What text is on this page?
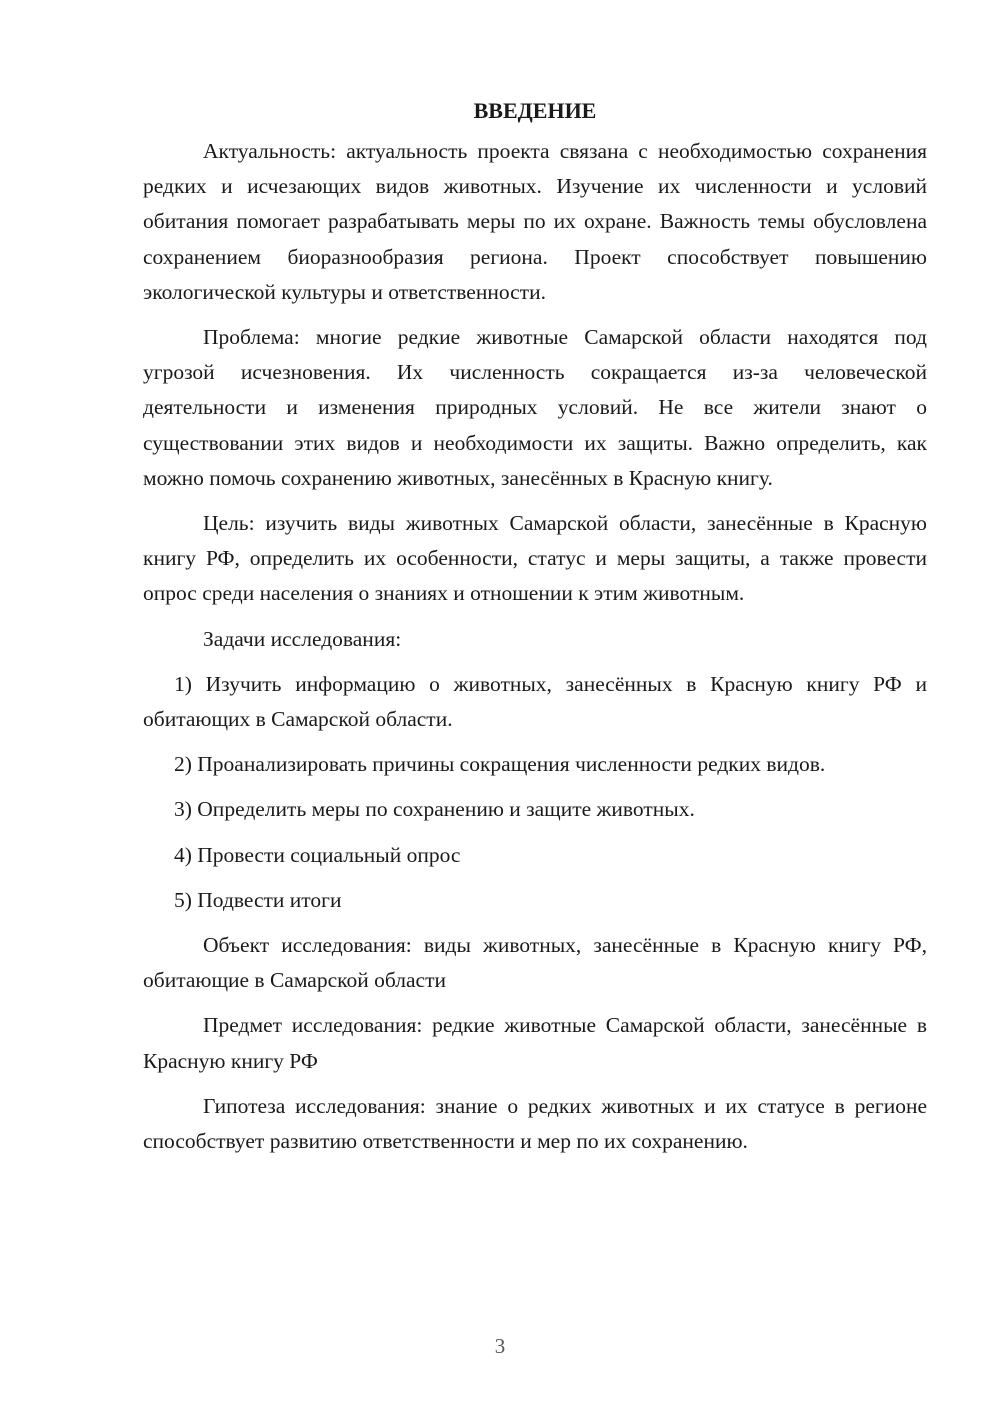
ВВЕДЕНИЕ

Актуальность: актуальность проекта связана с необходимостью сохранения редких и исчезающих видов животных. Изучение их численности и условий обитания помогает разрабатывать меры по их охране. Важность темы обусловлена сохранением биоразнообразия региона. Проект способствует повышению экологической культуры и ответственности.

Проблема: многие редкие животные Самарской области находятся под угрозой исчезновения. Их численность сокращается из-за человеческой деятельности и изменения природных условий. Не все жители знают о существовании этих видов и необходимости их защиты. Важно определить, как можно помочь сохранению животных, занесённых в Красную книгу.

Цель: изучить виды животных Самарской области, занесённые в Красную книгу РФ, определить их особенности, статус и меры защиты, а также провести опрос среди населения о знаниях и отношении к этим животным.

Задачи исследования:

1) Изучить информацию о животных, занесённых в Красную книгу РФ и обитающих в Самарской области.

2) Проанализировать причины сокращения численности редких видов.

3) Определить меры по сохранению и защите животных.

4) Провести социальный опрос

5) Подвести итоги

Объект исследования: виды животных, занесённые в Красную книгу РФ, обитающие в Самарской области

Предмет исследования: редкие животные Самарской области, занесённые в Красную книгу РФ

Гипотеза исследования: знание о редких животных и их статусе в регионе способствует развитию ответственности и мер по их сохранению.

3
